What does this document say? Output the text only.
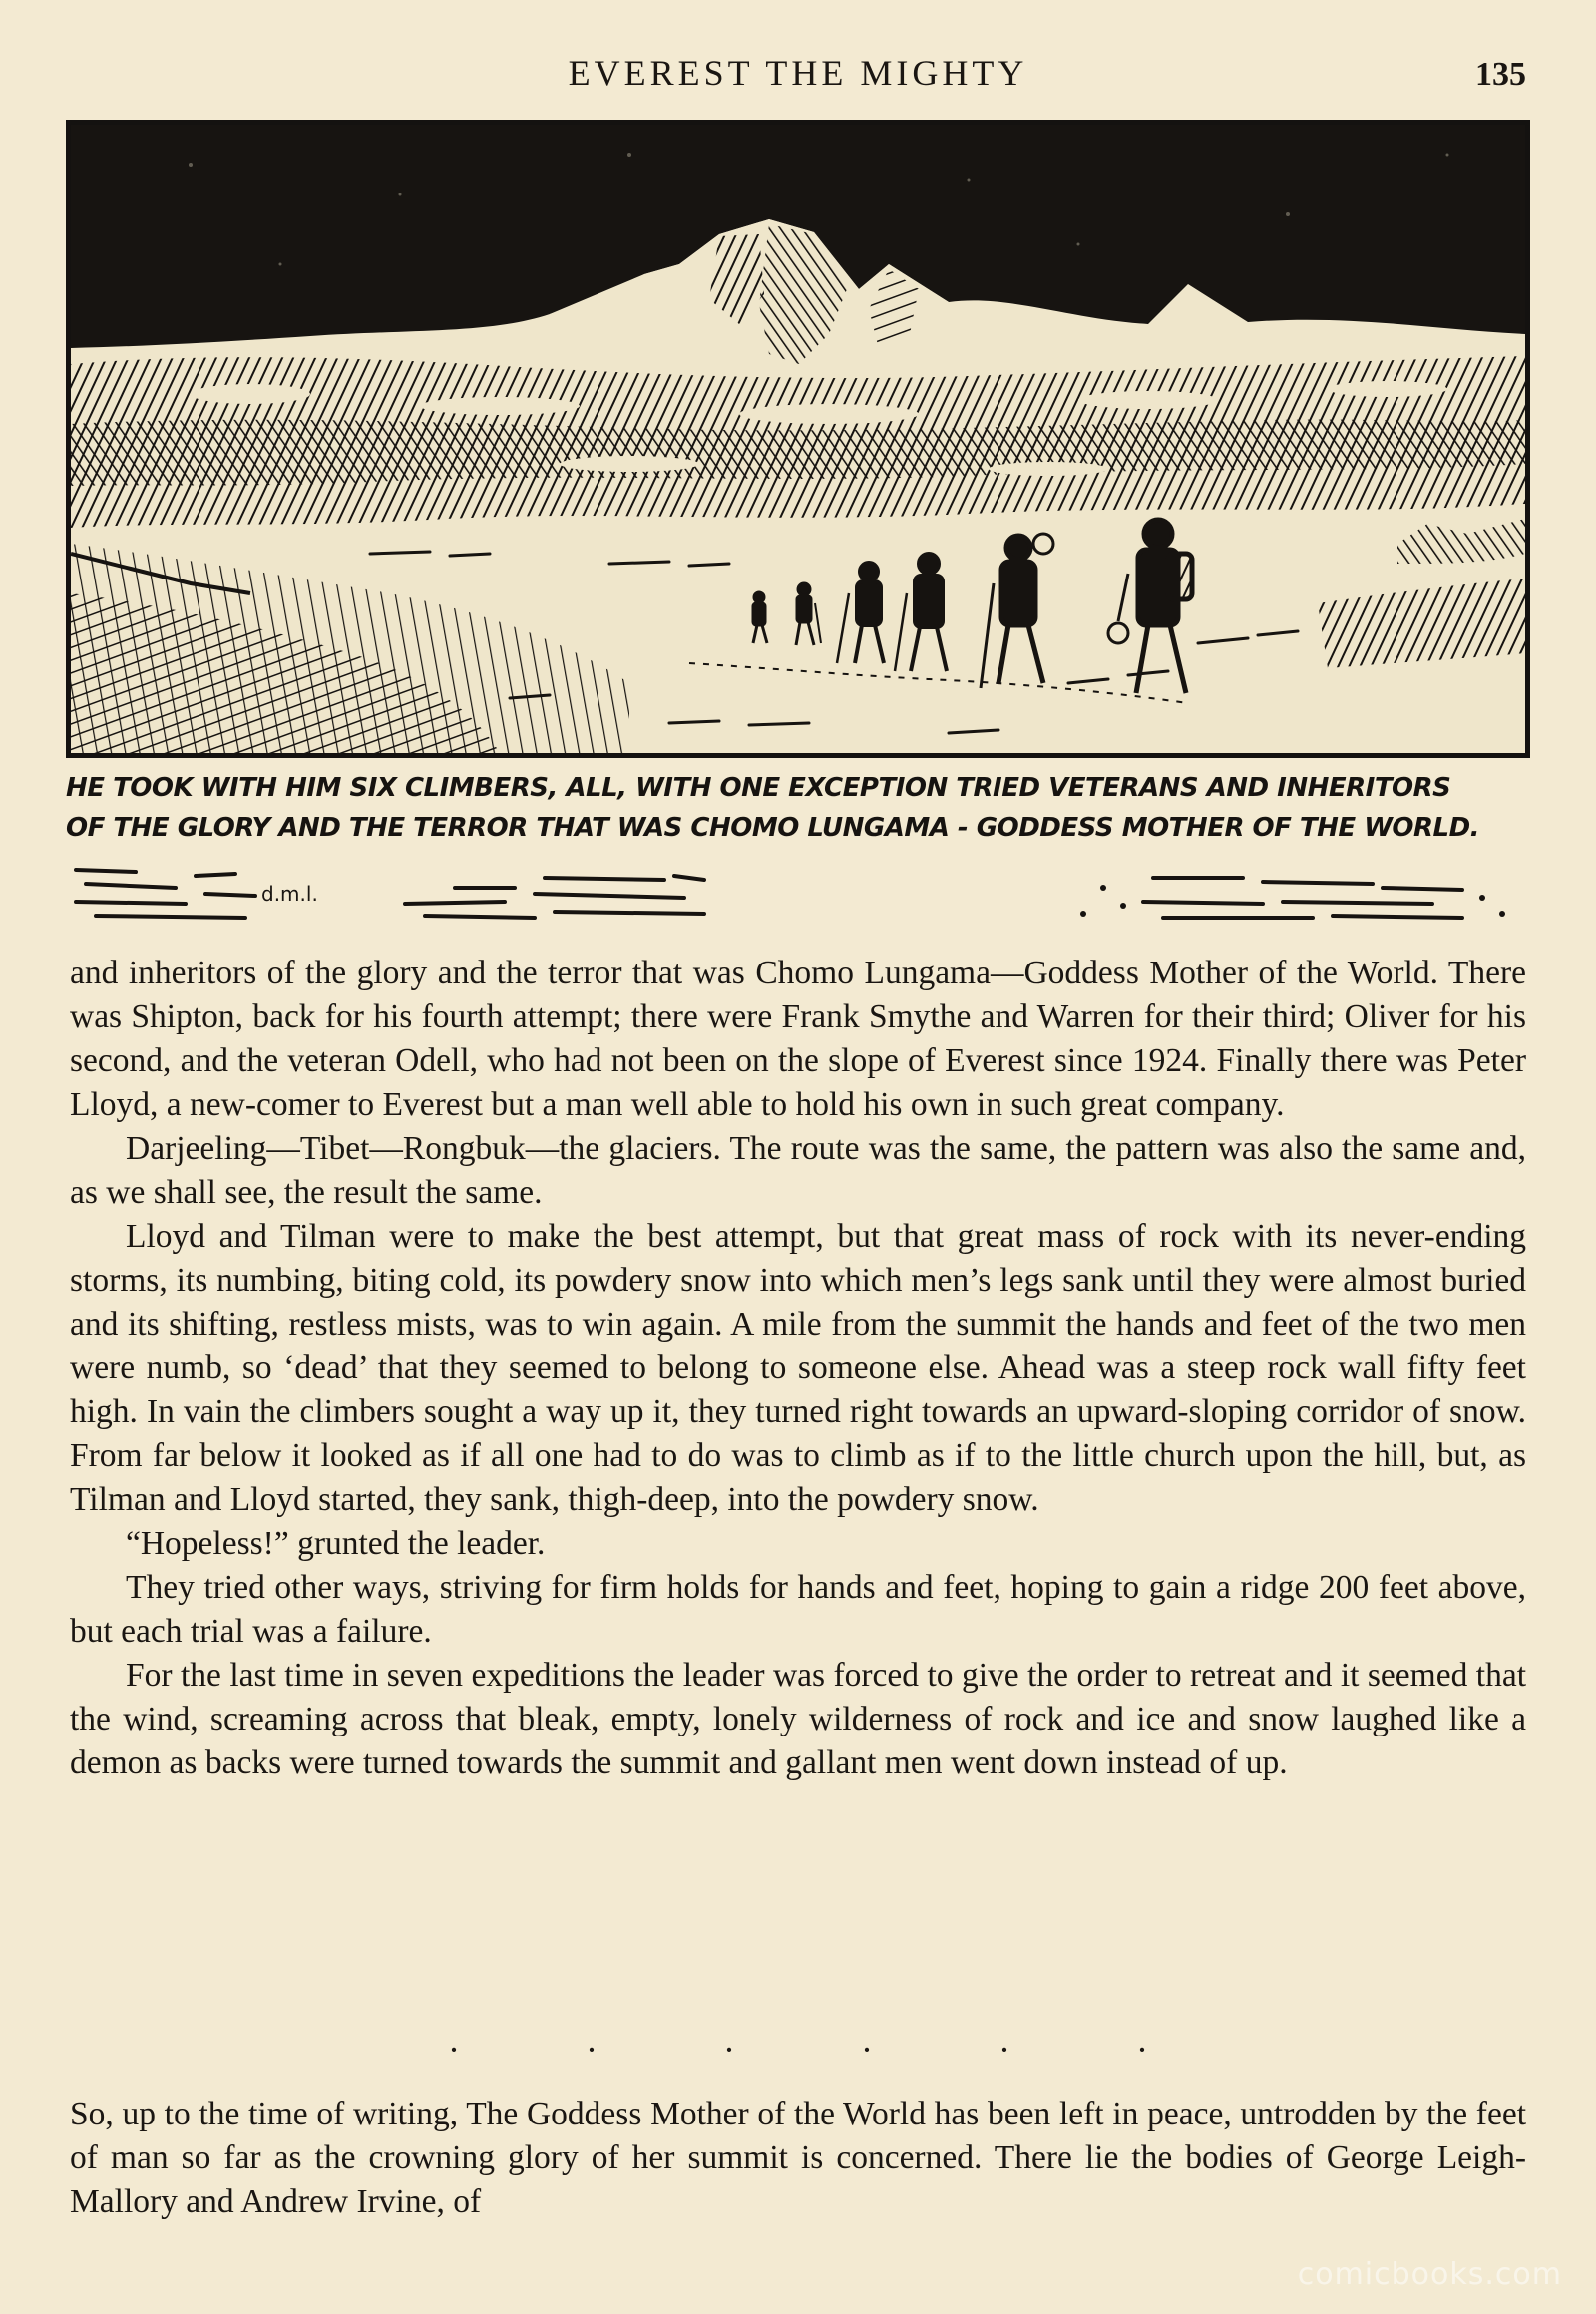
EVEREST THE MIGHTY	135
HE TOOK WITH HIM SIX CLIMBERS, ALL, WITH ONE EXCEPTION TRIED VETERANS AND INHERITORS
OF THE GLORY AND THE TERROR THAT WAS CHOMO LUNGAMA - GODDESS MOTHER OF THE WORLD.
d.m.l.

and inheritors of the glory and the terror that was Chomo Lungama—Goddess Mother of the World. There was Shipton, back for his fourth attempt; there were Frank Smythe and Warren for their third; Oliver for his second, and the veteran Odell, who had not been on the slope of Everest since 1924. Finally there was Peter Lloyd, a new-comer to Everest but a man well able to hold his own in such great company.

Darjeeling—Tibet—Rongbuk—the glaciers. The route was the same, the pattern was also the same and, as we shall see, the result the same.

Lloyd and Tilman were to make the best attempt, but that great mass of rock with its never-ending storms, its numbing, biting cold, its powdery snow into which men’s legs sank until they were almost buried and its shifting, restless mists, was to win again. A mile from the summit the hands and feet of the two men were numb, so ‘dead’ that they seemed to belong to someone else. Ahead was a steep rock wall fifty feet high. In vain the climbers sought a way up it, they turned right towards an upward-sloping corridor of snow. From far below it looked as if all one had to do was to climb as if to the little church upon the hill, but, as Tilman and Lloyd started, they sank, thigh-deep, into the powdery snow.

“Hopeless!” grunted the leader.

They tried other ways, striving for firm holds for hands and feet, hoping to gain a ridge 200 feet above, but each trial was a failure.

For the last time in seven expeditions the leader was forced to give the order to retreat and it seemed that the wind, screaming across that bleak, empty, lonely wilderness of rock and ice and snow laughed like a demon as backs were turned towards the summit and gallant men went down instead of up.

·	·	·	·	·	·

So, up to the time of writing, The Goddess Mother of the World has been left in peace, untrodden by the feet of man so far as the crowning glory of her summit is concerned. There lie the bodies of George Leigh-Mallory and Andrew Irvine, of

comicbooks.com
